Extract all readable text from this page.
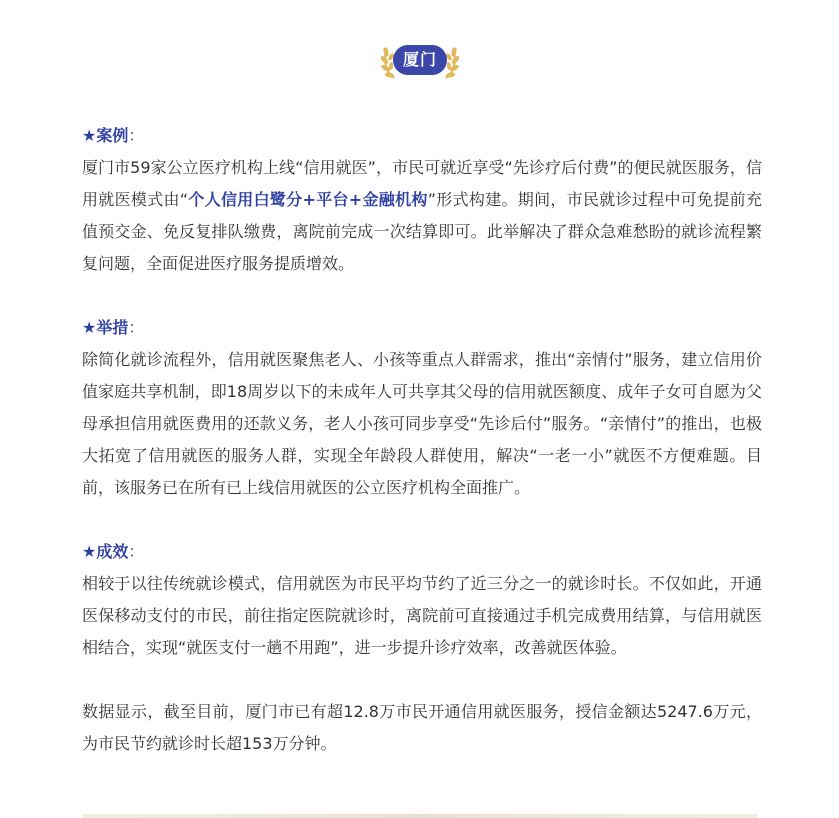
厦门
★案例：

厦门市59家公立医疗机构上线“信用就医”，市民可就近享受“先诊疗后付费”的便民就医服务，信用就医模式由“个人信用白鹭分+平台+金融机构”形式构建。期间，市民就诊过程中可免提前充值预交金、免反复排队缴费，离院前完成一次结算即可。此举解决了群众急难愁盼的就诊流程繁复问题，全面促进医疗服务提质增效。

★举措：

除简化就诊流程外，信用就医聚焦老人、小孩等重点人群需求，推出“亲情付”服务，建立信用价值家庭共享机制，即18周岁以下的未成年人可共享其父母的信用就医额度、成年子女可自愿为父母承担信用就医费用的还款义务，老人小孩可同步享受“先诊后付”服务。“亲情付”的推出，也极大拓宽了信用就医的服务人群，实现全年龄段人群使用，解决“一老一小”就医不方便难题。目前，该服务已在所有已上线信用就医的公立医疗机构全面推广。

★成效：

相较于以往传统就诊模式，信用就医为市民平均节约了近三分之一的就诊时长。不仅如此，开通医保移动支付的市民，前往指定医院就诊时，离院前可直接通过手机完成费用结算，与信用就医相结合，实现“就医支付一趟不用跑”，进一步提升诊疗效率，改善就医体验。

数据显示，截至目前，厦门市已有超12.8万市民开通信用就医服务，授信金额达5247.6万元，为市民节约就诊时长超153万分钟。
